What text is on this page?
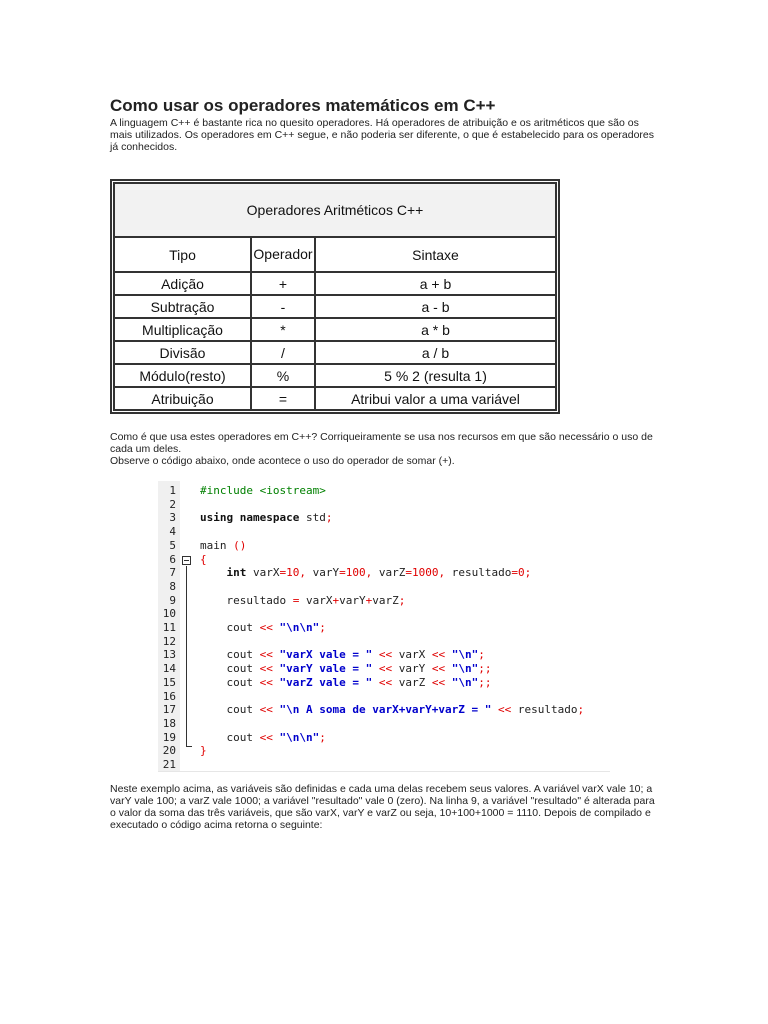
Como usar os operadores matemáticos em C++

A linguagem C++ é bastante rica no quesito operadores. Há operadores de atribuição e os aritméticos que são os mais utilizados. Os operadores em C++ segue, e não poderia ser diferente, o que é estabelecido para os operadores já conhecidos.

Operadores Aritméticos C++		
Tipo	Operador	Sintaxe
Adição	+	a + b
Subtração	-	a - b
Multiplicação	*	a * b
Divisão	/	a / b
Módulo(resto)	%	5 % 2 (resulta 1)
Atribuição	=	Atribui valor a uma variável

Como é que usa estes operadores em C++? Corriqueiramente se usa nos recursos em que são necessário o uso de cada um deles.

Observe o código abaixo, onde acontece o uso do operador de somar (+).

1
2
3
4
5
6
7
8
9
10
11
12
13
14
15
16
17
18
19
20
21
#include <iostream>
using namespace std;
main ()
{
int varX=10, varY=100, varZ=1000, resultado=0;
resultado = varX+varY+varZ;
cout << "\n\n";
cout << "varX vale = " << varX << "\n";
cout << "varY vale = " << varY << "\n";;
cout << "varZ vale = " << varZ << "\n";;
cout << "\n A soma de varX+varY+varZ = " << resultado;
cout << "\n\n";
}

Neste exemplo acima, as variáveis são definidas e cada uma delas recebem seus valores. A variável varX vale 10; a varY vale 100; a varZ vale 1000; a variável "resultado" vale 0 (zero). Na linha 9, a variável "resultado" é alterada para o valor da soma das três variáveis, que são varX, varY e varZ ou seja, 10+100+1000 = 1110. Depois de compilado e executado o código acima retorna o seguinte:
